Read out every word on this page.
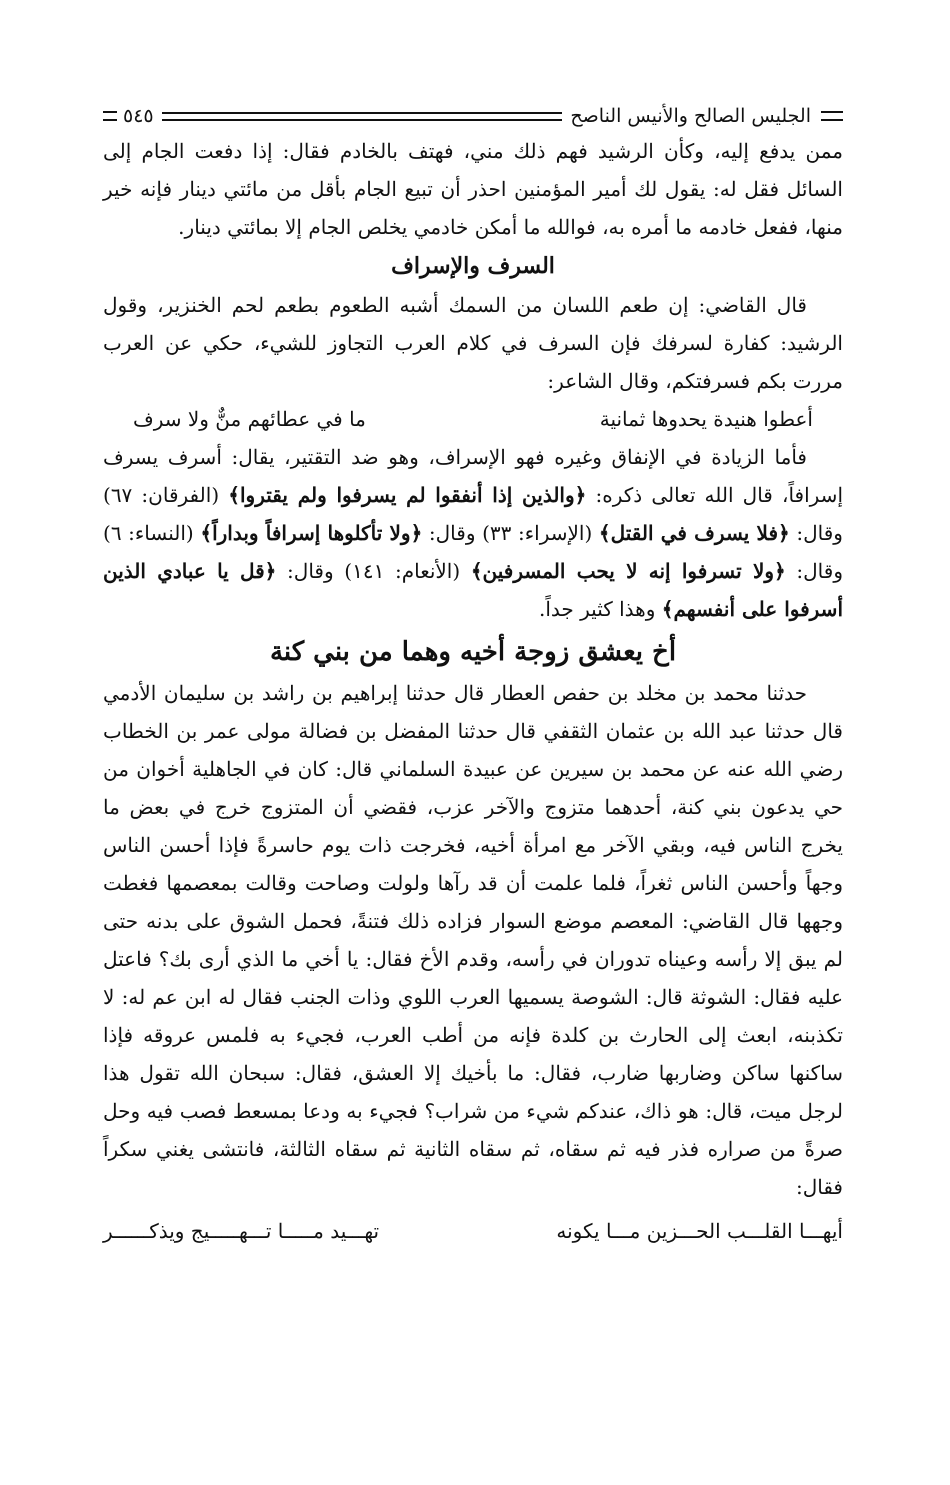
الجليس الصالح والأنيس الناصح
٥٤٥

ممن يدفع إليه، وكأن الرشيد فهم ذلك مني، فهتف بالخادم فقال: إذا دفعت الجام إلى السائل فقل له: يقول لك أمير المؤمنين احذر أن تبيع الجام بأقل من مائتي دينار فإنه خير منها، ففعل خادمه ما أمره به، فوالله ما أمكن خادمي يخلص الجام إلا بمائتي دينار.

السرف والإسراف

قال القاضي: إن طعم اللسان من السمك أشبه الطعوم بطعم لحم الخنزير، وقول الرشيد: كفارة لسرفك فإن السرف في كلام العرب التجاوز للشيء، حكي عن العرب مررت بكم فسرفتكم، وقال الشاعر:

أعطوا هنيدة يحدوها ثمانية
ما في عطائهم منٌّ ولا سرف

فأما الزيادة في الإنفاق وغيره فهو الإسراف، وهو ضد التقتير، يقال: أسرف يسرف إسرافاً، قال الله تعالى ذكره: ﴿والذين إذا أنفقوا لم يسرفوا ولم يقتروا﴾ (الفرقان: ٦٧) وقال: ﴿فلا يسرف في القتل﴾ (الإسراء: ٣٣) وقال: ﴿ولا تأكلوها إسرافاً وبداراً﴾ (النساء: ٦) وقال: ﴿ولا تسرفوا إنه لا يحب المسرفين﴾ (الأنعام: ١٤١) وقال: ﴿قل يا عبادي الذين أسرفوا على أنفسهم﴾ وهذا كثير جداً.

أخ يعشق زوجة أخيه وهما من بني كنة

حدثنا محمد بن مخلد بن حفص العطار قال حدثنا إبراهيم بن راشد بن سليمان الأدمي قال حدثنا عبد الله بن عثمان الثقفي قال حدثنا المفضل بن فضالة مولى عمر بن الخطاب رضي الله عنه عن محمد بن سيرين عن عبيدة السلماني قال: كان في الجاهلية أخوان من حي يدعون بني كنة، أحدهما متزوج والآخر عزب، فقضي أن المتزوج خرج في بعض ما يخرج الناس فيه، وبقي الآخر مع امرأة أخيه، فخرجت ذات يوم حاسرةً فإذا أحسن الناس وجهاً وأحسن الناس ثغراً، فلما علمت أن قد رآها ولولت وصاحت وقالت بمعصمها فغطت وجهها قال القاضي: المعصم موضع السوار فزاده ذلك فتنةً، فحمل الشوق على بدنه حتى لم يبق إلا رأسه وعيناه تدوران في رأسه، وقدم الأخ فقال: يا أخي ما الذي أرى بك؟ فاعتل عليه فقال: الشوثة قال: الشوصة يسميها العرب اللوي وذات الجنب فقال له ابن عم له: لا تكذبنه، ابعث إلى الحارث بن كلدة فإنه من أطب العرب، فجيء به فلمس عروقه فإذا ساكنها ساكن وضاربها ضارب، فقال: ما بأخيك إلا العشق، فقال: سبحان الله تقول هذا لرجل ميت، قال: هو ذاك، عندكم شيء من شراب؟ فجيء به ودعا بمسعط فصب فيه وحل صرةً من صراره فذر فيه ثم سقاه، ثم سقاه الثانية ثم سقاه الثالثة، فانتشى يغني سكراً فقال:

أيهـــا القلـــب الحـــزين مـــا يكونه
تهـــيد مـــــا تـــهـــــيج ويذكــــــر
